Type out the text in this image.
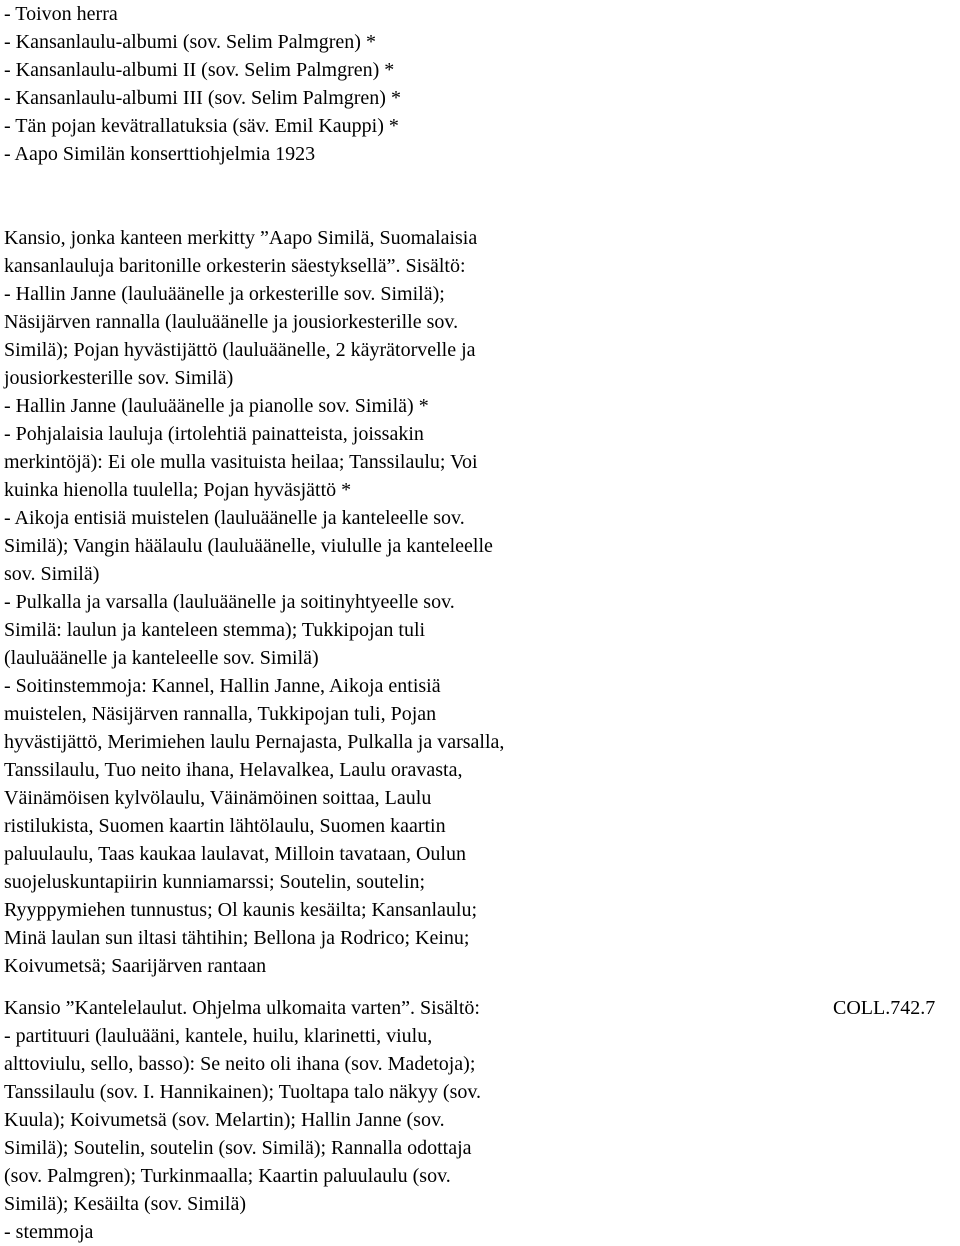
- Toivon herra
- Kansanlaulu-albumi (sov. Selim Palmgren) *
- Kansanlaulu-albumi II (sov. Selim Palmgren) *
- Kansanlaulu-albumi III (sov. Selim Palmgren) *
- Tän pojan kevätrallatuksia (säv. Emil Kauppi) *
- Aapo Similän konserttiohjelmia 1923
Kansio, jonka kanteen merkitty ”Aapo Similä, Suomalaisia
kansanlauluja baritonille orkesterin säestyksellä”. Sisältö:
- Hallin Janne (lauluäänelle ja orkesterille sov. Similä);
Näsijärven rannalla (lauluäänelle ja jousiorkesterille sov.
Similä); Pojan hyvästijättö (lauluäänelle, 2 käyrätorvelle ja
jousiorkesterille sov. Similä)
- Hallin Janne (lauluäänelle ja pianolle sov. Similä) *
- Pohjalaisia lauluja (irtolehtiä painatteista, joissakin
merkintöjä): Ei ole mulla vasituista heilaa; Tanssilaulu; Voi
kuinka hienolla tuulella; Pojan hyväsjättö *
- Aikoja entisiä muistelen (lauluäänelle ja kanteleelle sov.
Similä); Vangin häälaulu (lauluäänelle, viululle ja kanteleelle
sov. Similä)
- Pulkalla ja varsalla (lauluäänelle ja soitinyhtyeelle sov.
Similä: laulun ja kanteleen stemma); Tukkipojan tuli
(lauluäänelle ja kanteleelle sov. Similä)
- Soitinstemmoja: Kannel, Hallin Janne, Aikoja entisiä
muistelen, Näsijärven rannalla, Tukkipojan tuli, Pojan
hyvästijättö, Merimiehen laulu Pernajasta, Pulkalla ja varsalla,
Tanssilaulu, Tuo neito ihana, Helavalkea, Laulu oravasta,
Väinämöisen kylvölaulu, Väinämöinen soittaa, Laulu
ristilukista, Suomen kaartin lähtölaulu, Suomen kaartin
paluulaulu, Taas kaukaa laulavat, Milloin tavataan, Oulun
suojeluskuntapiirin kunniamarssi; Soutelin, soutelin;
Ryyppymiehen tunnustus; Ol kaunis kesäilta; Kansanlaulu;
Minä laulan sun iltasi tähtihin; Bellona ja Rodrico; Keinu;
Koivumetsä; Saarijärven rantaan
Kansio ”Kantelelaulut. Ohjelma ulkomaita varten”. Sisältö:
- partituuri (lauluääni, kantele, huilu, klarinetti, viulu,
alttoviulu, sello, basso): Se neito oli ihana (sov. Madetoja);
Tanssilaulu (sov. I. Hannikainen); Tuoltapa talo näkyy (sov.
Kuula); Koivumetsä (sov. Melartin); Hallin Janne (sov.
Similä); Soutelin, soutelin (sov. Similä); Rannalla odottaja
(sov. Palmgren); Turkinmaalla; Kaartin paluulaulu (sov.
Similä); Kesäilta (sov. Similä)
- stemmoja
COLL.742.7
